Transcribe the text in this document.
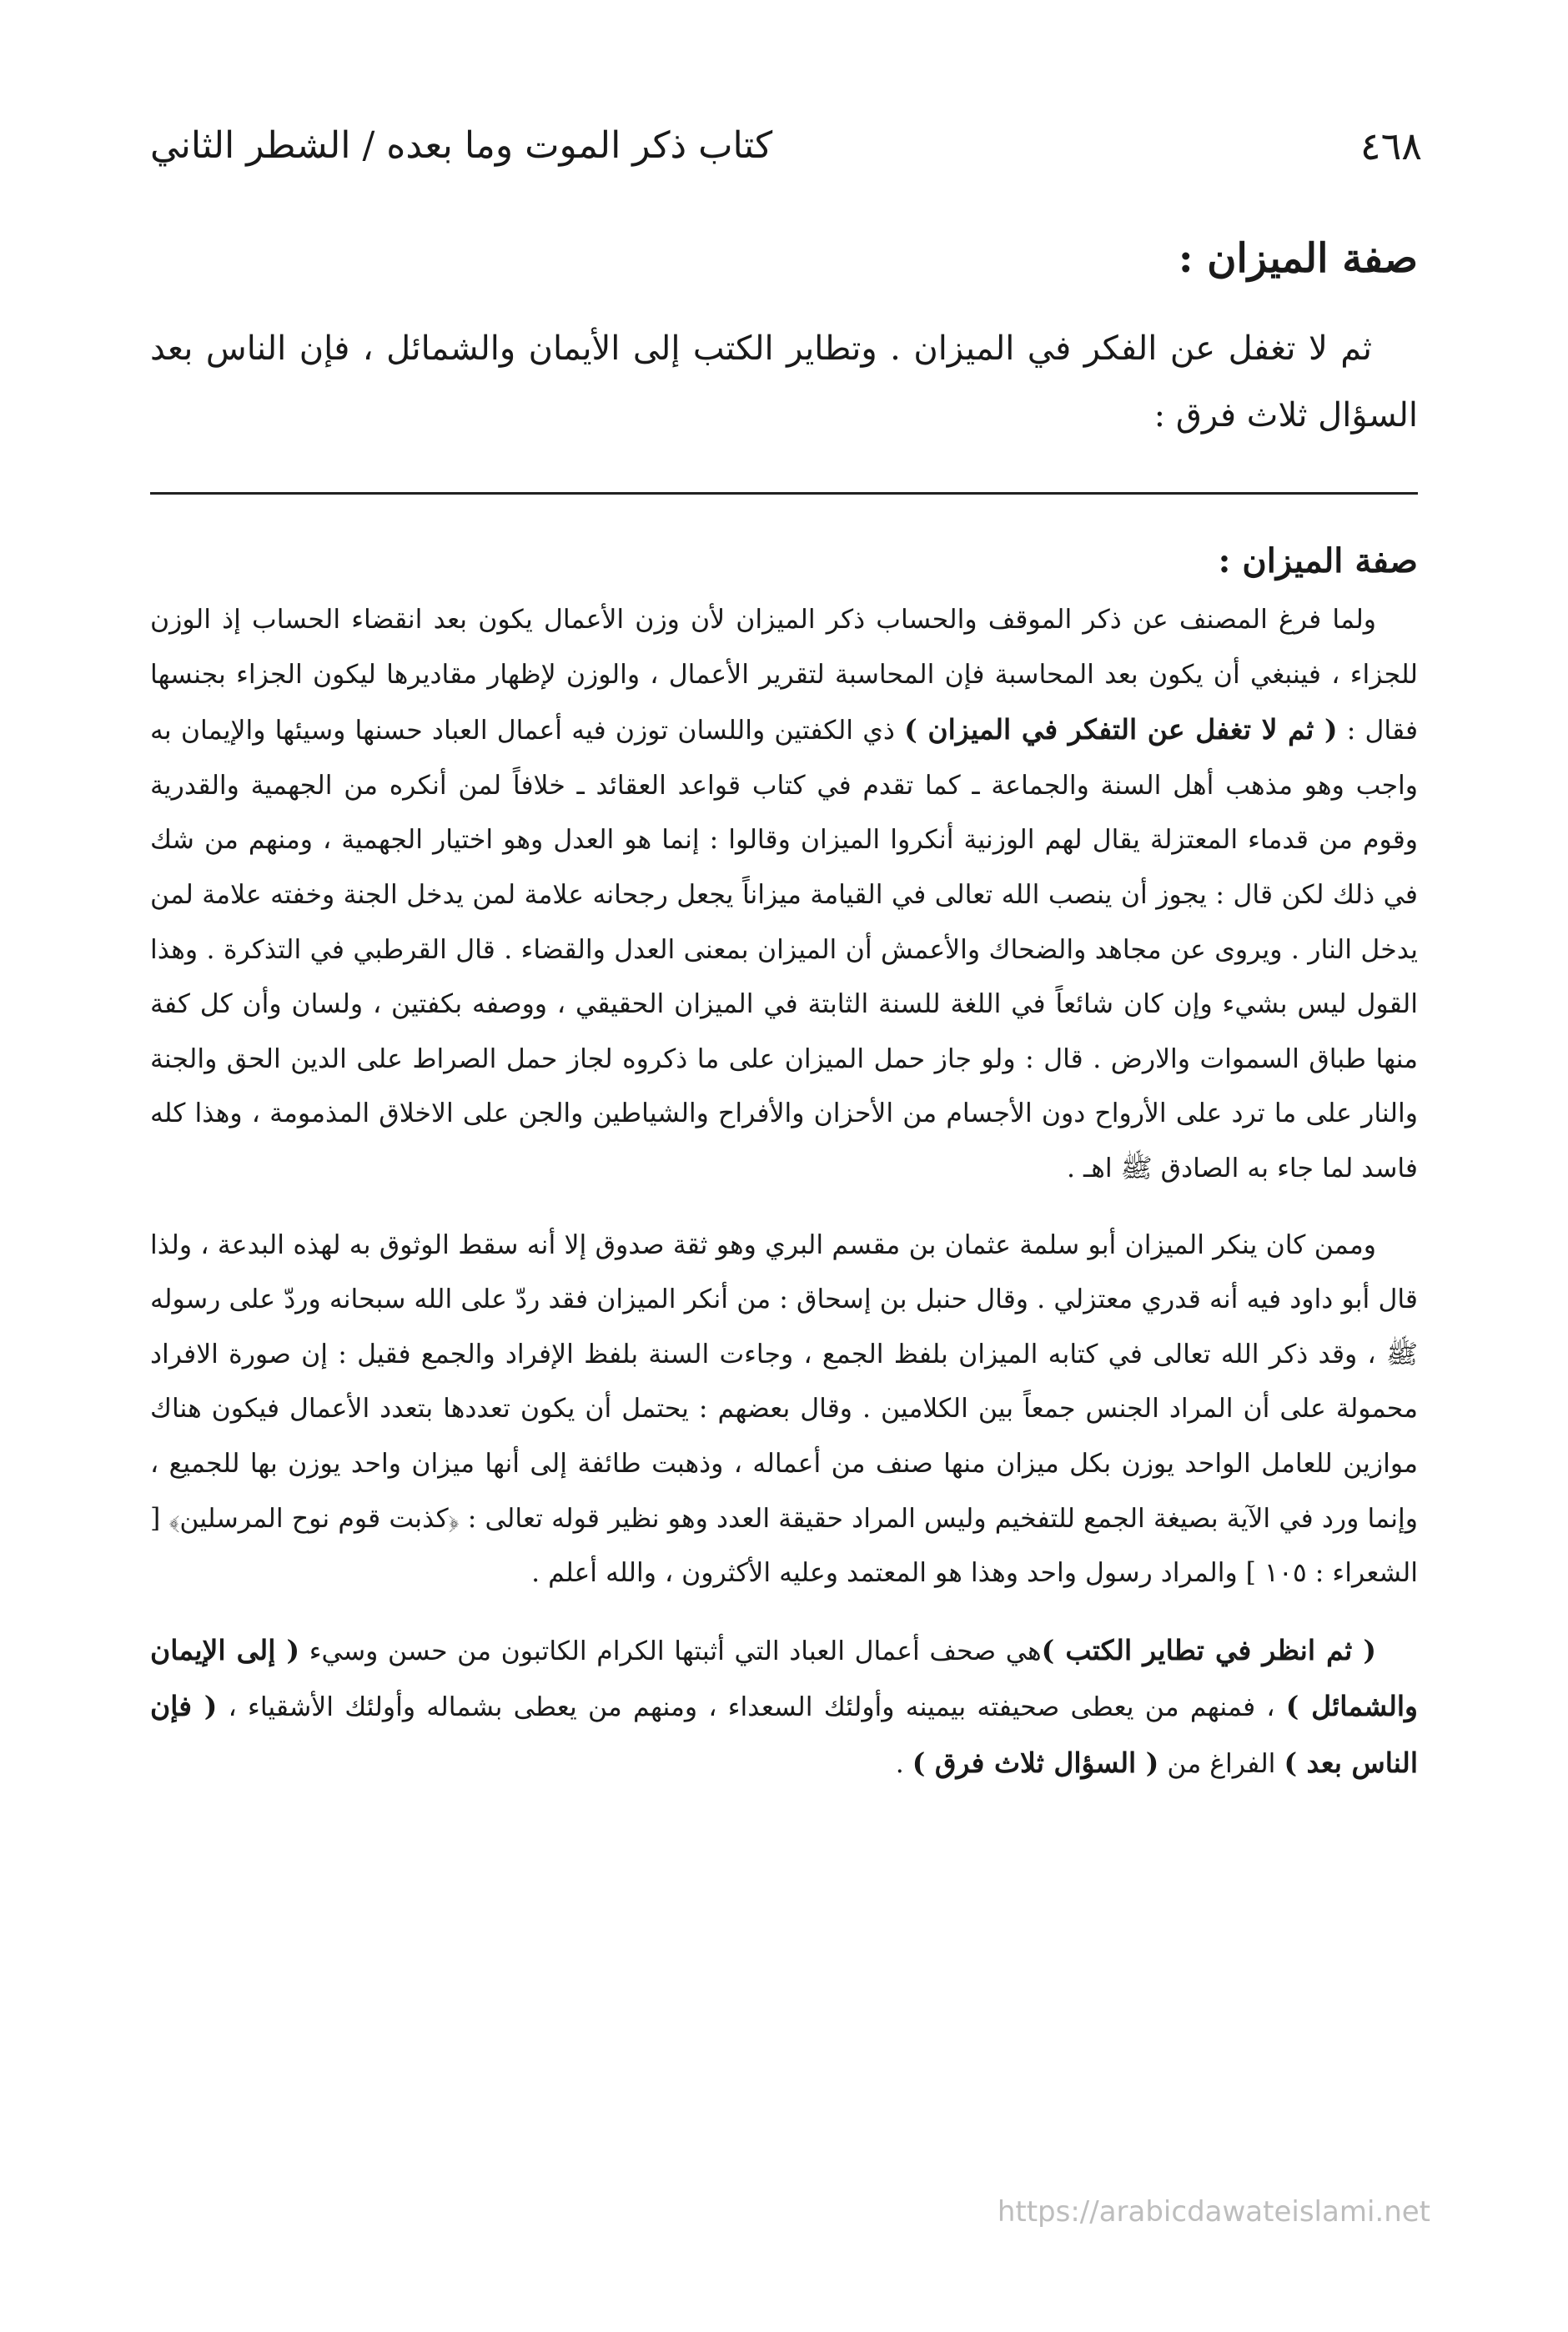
٤٦٨
كتاب ذكر الموت وما بعده / الشطر الثاني
صفة الميزان :

ثم لا تغفل عن الفكر في الميزان . وتطاير الكتب إلى الأيمان والشمائل ، فإن الناس بعد السؤال ثلاث فرق :

صفة الميزان :

ولما فرغ المصنف عن ذكر الموقف والحساب ذكر الميزان لأن وزن الأعمال يكون بعد انقضاء الحساب إذ الوزن للجزاء ، فينبغي أن يكون بعد المحاسبة فإن المحاسبة لتقرير الأعمال ، والوزن لإظهار مقاديرها ليكون الجزاء بجنسها فقال : ( ثم لا تغفل عن التفكر في الميزان ) ذي الكفتين واللسان توزن فيه أعمال العباد حسنها وسيئها والإيمان به واجب وهو مذهب أهل السنة والجماعة ـ كما تقدم في كتاب قواعد العقائد ـ خلافاً لمن أنكره من الجهمية والقدرية وقوم من قدماء المعتزلة يقال لهم الوزنية أنكروا الميزان وقالوا : إنما هو العدل وهو اختيار الجهمية ، ومنهم من شك في ذلك لكن قال : يجوز أن ينصب الله تعالى في القيامة ميزاناً يجعل رجحانه علامة لمن يدخل الجنة وخفته علامة لمن يدخل النار . ويروى عن مجاهد والضحاك والأعمش أن الميزان بمعنى العدل والقضاء . قال القرطبي في التذكرة . وهذا القول ليس بشيء وإن كان شائعاً في اللغة للسنة الثابتة في الميزان الحقيقي ، ووصفه بكفتين ، ولسان وأن كل كفة منها طباق السموات والارض . قال : ولو جاز حمل الميزان على ما ذكروه لجاز حمل الصراط على الدين الحق والجنة والنار على ما ترد على الأرواح دون الأجسام من الأحزان والأفراح والشياطين والجن على الاخلاق المذمومة ، وهذا كله فاسد لما جاء به الصادق ﷺ اهـ .

وممن كان ينكر الميزان أبو سلمة عثمان بن مقسم البري وهو ثقة صدوق إلا أنه سقط الوثوق به لهذه البدعة ، ولذا قال أبو داود فيه أنه قدري معتزلي . وقال حنبل بن إسحاق : من أنكر الميزان فقد ردّ على الله سبحانه وردّ على رسوله ﷺ ، وقد ذكر الله تعالى في كتابه الميزان بلفظ الجمع ، وجاءت السنة بلفظ الإفراد والجمع فقيل : إن صورة الافراد محمولة على أن المراد الجنس جمعاً بين الكلامين . وقال بعضهم : يحتمل أن يكون تعددها بتعدد الأعمال فيكون هناك موازين للعامل الواحد يوزن بكل ميزان منها صنف من أعماله ، وذهبت طائفة إلى أنها ميزان واحد يوزن بها للجميع ، وإنما ورد في الآية بصيغة الجمع للتفخيم وليس المراد حقيقة العدد وهو نظير قوله تعالى : ﴿كذبت قوم نوح المرسلين﴾ [ الشعراء : ١٠٥ ] والمراد رسول واحد وهذا هو المعتمد وعليه الأكثرون ، والله أعلم .

( ثم انظر في تطاير الكتب )هي صحف أعمال العباد التي أثبتها الكرام الكاتبون من حسن وسيء ( إلى الإيمان والشمائل ) ، فمنهم من يعطى صحيفته بيمينه وأولئك السعداء ، ومنهم من يعطى بشماله وأولئك الأشقياء ، ( فإن الناس بعد ) الفراغ من ( السؤال ثلاث فرق ) .

https://arabicdawateislami.net
